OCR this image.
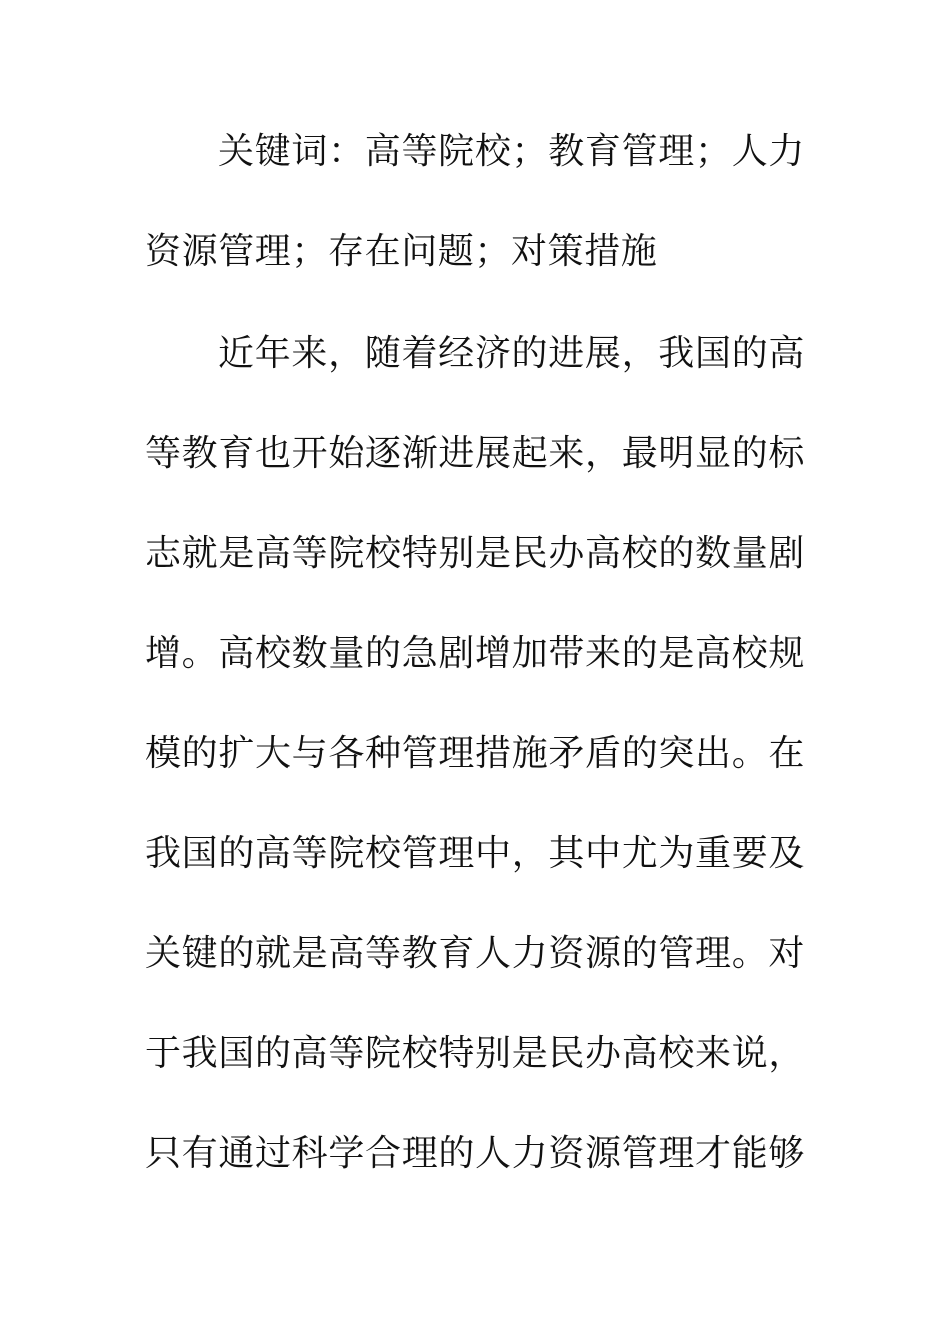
关键词：高等院校；教育管理；人力
资源管理；存在问题；对策措施
近年来，随着经济的进展，我国的高
等教育也开始逐渐进展起来，最明显的标
志就是高等院校特别是民办高校的数量剧
增。高校数量的急剧增加带来的是高校规
模的扩大与各种管理措施矛盾的突出。在
我国的高等院校管理中，其中尤为重要及
关键的就是高等教育人力资源的管理。对
于我国的高等院校特别是民办高校来说，
只有通过科学合理的人力资源管理才能够
